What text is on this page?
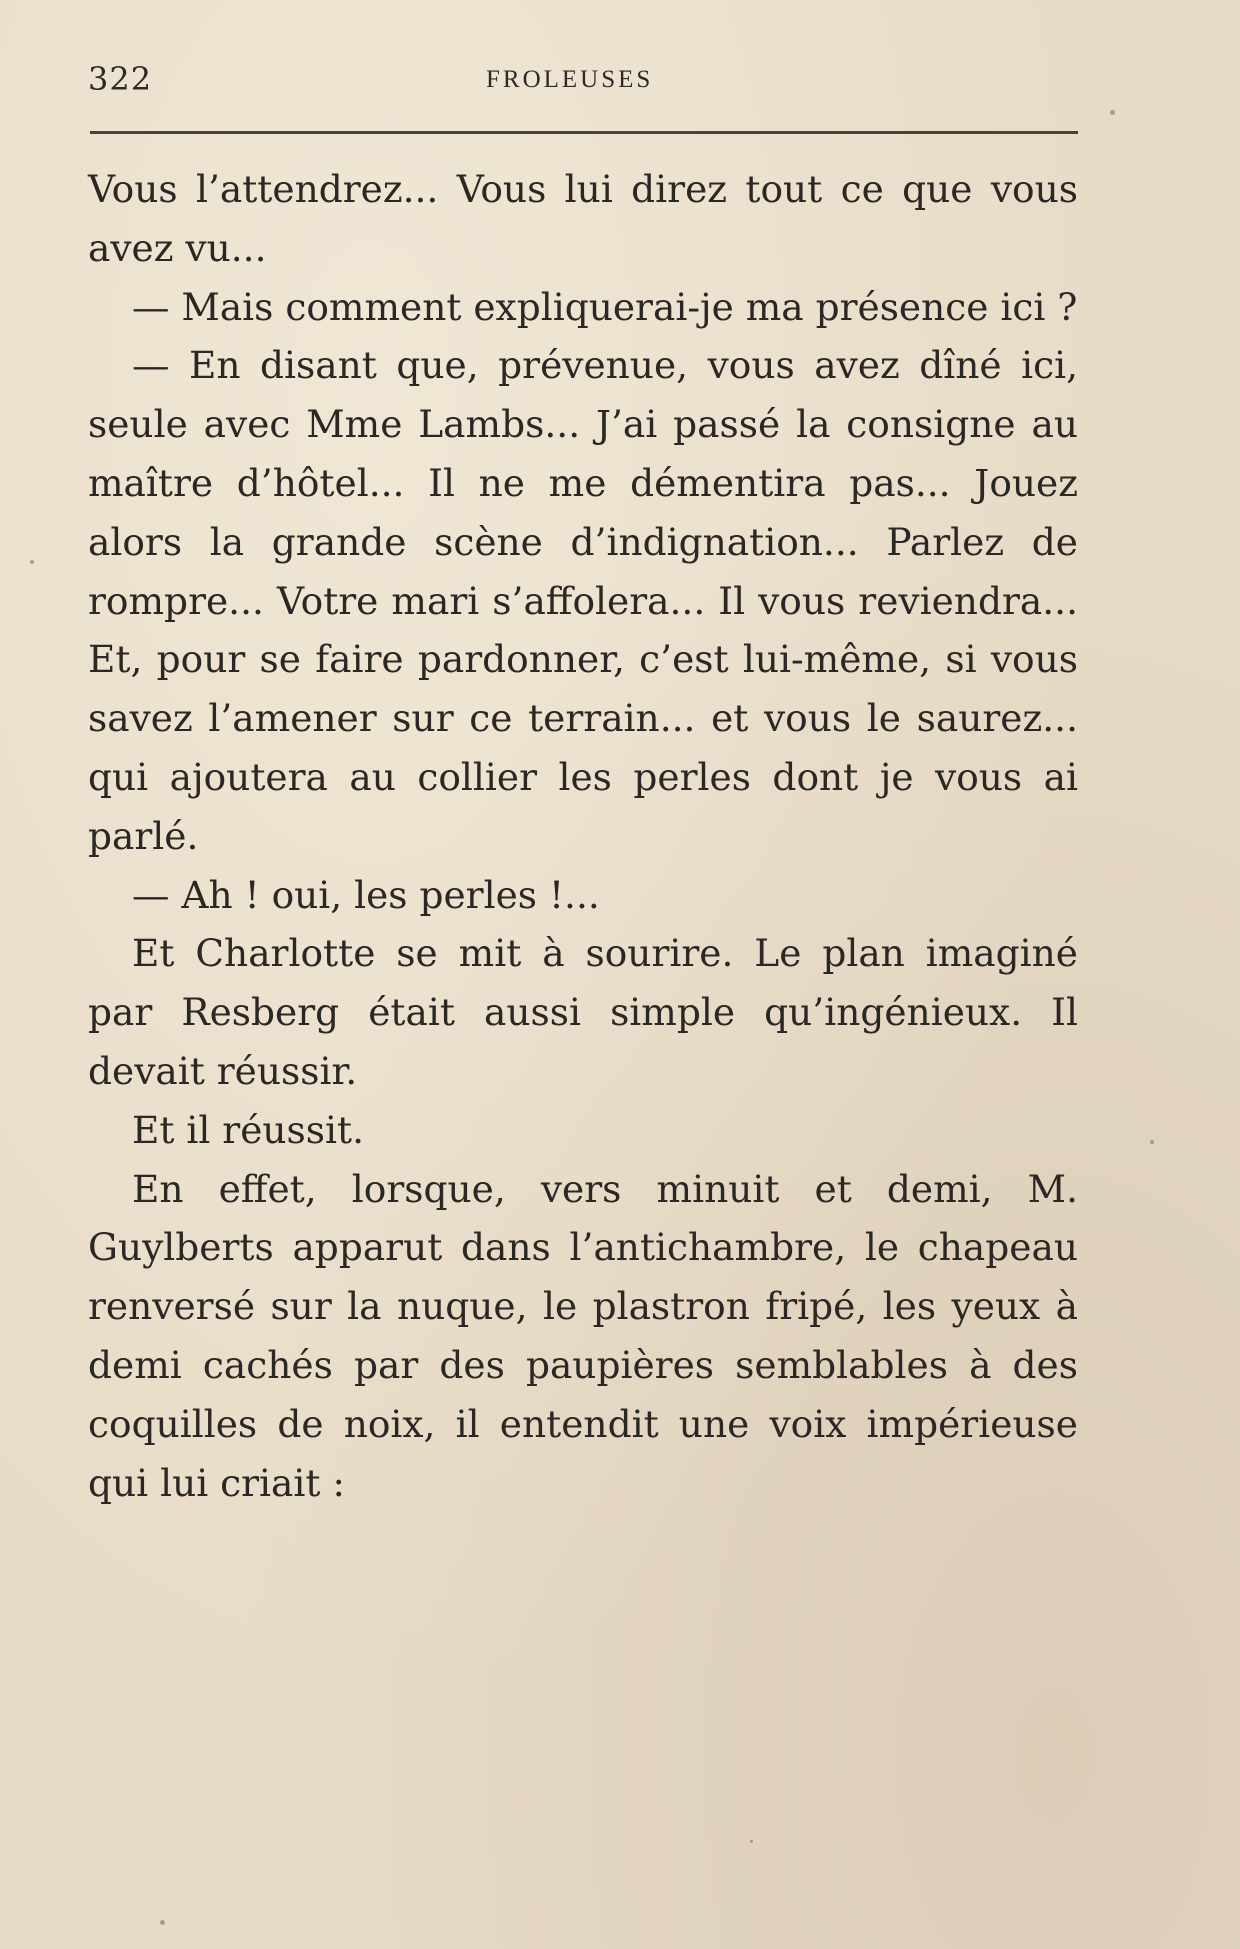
322	FROLEUSES

Vous l’attendrez... Vous lui direz tout ce que vous avez vu...

— Mais comment expliquerai-je ma présence ici ?

— En disant que, prévenue, vous avez dîné ici, seule avec Mme Lambs... J’ai passé la consigne au maître d’hôtel... Il ne me démentira pas... Jouez alors la grande scène d’indignation... Parlez de rompre... Votre mari s’affolera... Il vous reviendra... Et, pour se faire pardonner, c’est lui-même, si vous savez l’amener sur ce terrain... et vous le saurez... qui ajoutera au collier les perles dont je vous ai parlé.

— Ah ! oui, les perles !...

Et Charlotte se mit à sourire. Le plan imaginé par Resberg était aussi simple qu’ingénieux. Il devait réussir.

Et il réussit.

En effet, lorsque, vers minuit et demi, M. Guylberts apparut dans l’antichambre, le chapeau renversé sur la nuque, le plastron fripé, les yeux à demi cachés par des paupières semblables à des coquilles de noix, il entendit une voix impérieuse qui lui criait :
